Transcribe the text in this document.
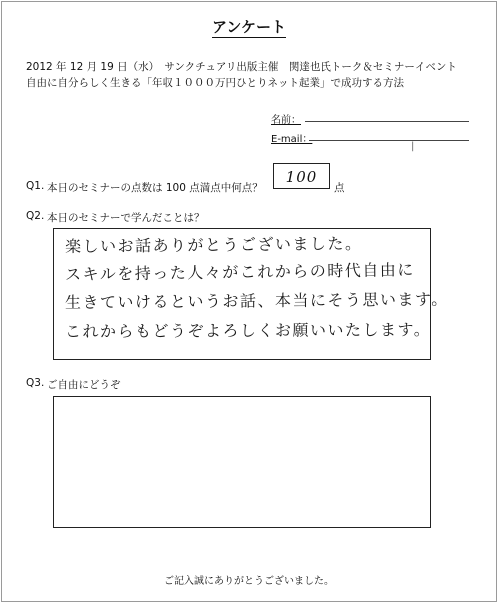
アンケート
2012 年 12 月 19 日（水）　サンクチュアリ出版主催　関達也氏トーク＆セミナーイベント
自由に自分らしく生きる「年収１０００万円ひとりネット起業」で成功する方法
名前：
E-mail：
|
Q1. 本日のセミナーの点数は 100 点満点中何点？
100
点
Q2. 本日のセミナーで学んだことは？
楽しいお話ありがとうございました。
スキルを持った人々がこれからの時代自由に
生きていけるというお話、本当にそう思います。
これからもどうぞよろしくお願いいたします。
Q3. ご自由にどうぞ
ご記入誠にありがとうございました。
